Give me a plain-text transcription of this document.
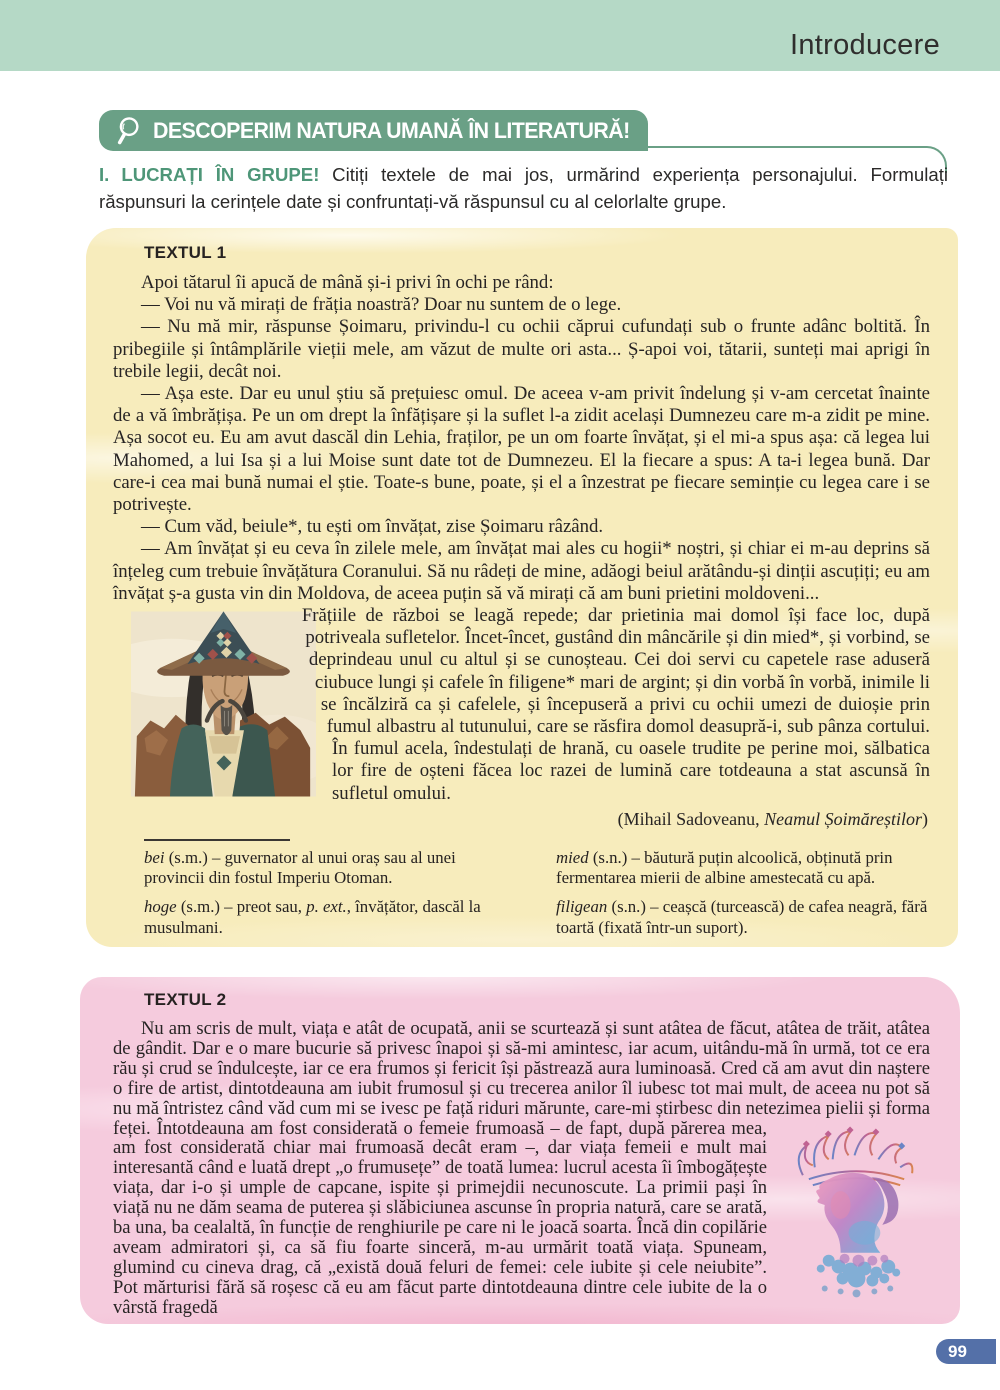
Introducere
DESCOPERIM NATURA UMANĂ ÎN LITERATURĂ!
I. LUCRAȚI ÎN GRUPE! Citiți textele de mai jos, urmărind experiența personajului. Formulați răspunsuri la cerințele date și confruntați-vă răspunsul cu al celorlalte grupe.
TEXTUL 1

Apoi tătarul îi apucă de mână și-i privi în ochi pe rând:

— Voi nu vă mirați de frăția noastră? Doar nu suntem de o lege.

— Nu mă mir, răspunse Șoimaru, privindu-l cu ochii căprui cufundați sub o frunte adânc boltită. În pribegiile și întâmplările vieții mele, am văzut de multe ori asta... Ș-apoi voi, tătarii, sunteți mai aprigi în trebile legii, decât noi.

— Așa este. Dar eu unul știu să prețuiesc omul. De aceea v-am privit îndelung și v-am cercetat înainte de a vă îmbrățișa. Pe un om drept la înfățișare și la suflet l-a zidit același Dumnezeu care m-a zidit pe mine. Așa socot eu. Eu am avut dascăl din Lehia, fraților, pe un om foarte învățat, și el mi-a spus așa: că legea lui Mahomed, a lui Isa și a lui Moise sunt date tot de Dumnezeu. El la fiecare a spus: A ta-i legea bună. Dar care-i cea mai bună numai el știe. Toate-s bune, poate, și el a înzestrat pe fiecare seminție cu legea care i se potrivește.

— Cum văd, beiule*, tu ești om învățat, zise Șoimaru râzând.

— Am învățat și eu ceva în zilele mele, am învățat mai ales cu hogii* noștri, și chiar ei m-au deprins să înțeleg cum trebuie învățătura Coranului. Să nu râdeți de mine, adăogi beiul arătându-și dinții ascuțiți; eu am învățat ș-a gusta vin din Moldova, de aceea puțin să vă mirați că am buni prietini moldoveni...

Frățiile de război se leagă repede; dar prietinia mai domol își face loc, după potriveala sufletelor. Încet-încet, gustând din mâncările și din mied*, și vorbind, se deprindeau unul cu altul și se cunoșteau. Cei doi servi cu capetele rase aduseră ciubuce lungi și cafele în filigene* mari de argint; și din vorbă în vorbă, inimile li se încălziră ca și cafelele, și începuseră a privi cu ochii umezi de duioșie prin fumul albastru al tutunului, care se răsfira domol deasupră-i, sub pânza cortului. În fumul acela, îndestulați de hrană, cu oasele trudite pe perine moi, sălbatica lor fire de oșteni făcea loc razei de lumină care totdeauna a stat ascunsă în sufletul omului.

(Mihail Sadoveanu, Neamul Șoimăreștilor)
bei (s.m.) – guvernator al unui oraș sau al unei provincii din fostul Imperiu Otoman.
hoge (s.m.) – preot sau, p. ext., învățător, dascăl la musulmani.
mied (s.n.) – băutură puțin alcoolică, obținută prin fermentarea mierii de albine amestecată cu apă.
filigean (s.n.) – ceașcă (turcească) de cafea neagră, fără toartă (fixată într-un suport).
TEXTUL 2

Nu am scris de mult, viața e atât de ocupată, anii se scurtează și sunt atâtea de făcut, atâtea de trăit, atâtea de gândit. Dar e o mare bucurie să privesc înapoi și să-mi amintesc, iar acum, uitându-mă în urmă, tot ce era rău și crud se îndulcește, iar ce era frumos și fericit își păstrează aura luminoasă. Cred că am avut din naștere o fire de artist, dintotdeauna am iubit frumosul și cu trecerea anilor îl iubesc tot mai mult, de aceea nu pot să nu mă întristez când văd cum mi se ivesc pe față riduri mărunte, care-mi știrbesc din netezimea pielii și forma feței. Întotdeauna am fost considerată
o femeie frumoasă – de fapt, după părerea mea, am fost considerată chiar mai frumoasă decât eram –, dar viața femeii e mult mai interesantă când e luată drept „o frumusețe” de toată lumea: lucrul acesta îi îmbogățește viața, dar i-o și umple de capcane, ispite și primejdii necunoscute. La primii pași în viață nu ne dăm seama de puterea și slăbiciunea ascunse în propria natură, care se arată, ba una, ba cealaltă, în funcție de renghiurile pe care ni le joacă soarta. Încă din copilărie aveam admiratori și, ca să fiu foarte sinceră, m-au urmărit toată viața. Spuneam, glumind cu cineva drag, că „există două feluri de femei: cele iubite și cele neiubite”. Pot mărturisi fără să roșesc că eu am făcut parte dintotdeauna dintre cele iubite de la o vârstă fragedă

99
